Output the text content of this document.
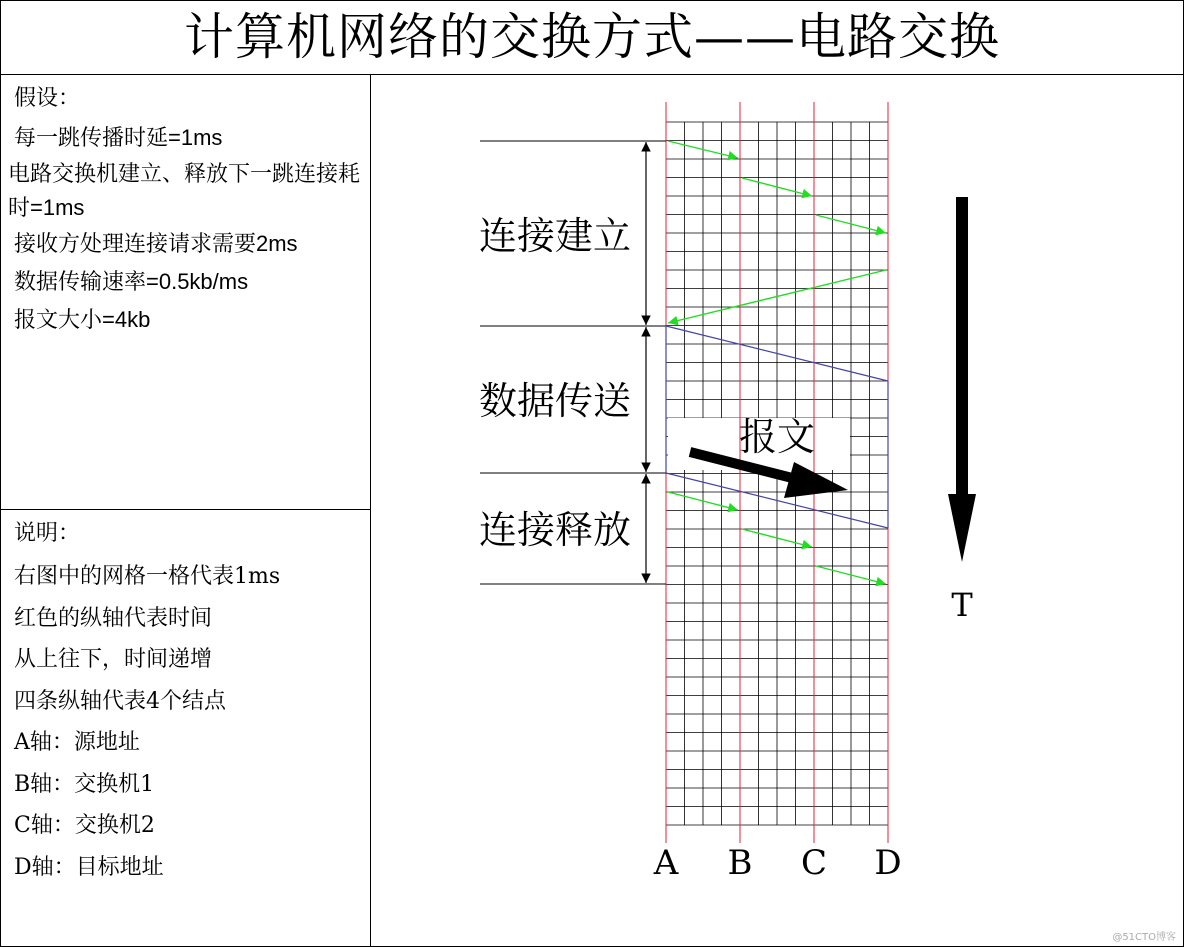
计算机网络的交换方式——电路交换
假设：
每一跳传播时延=1ms
电路交换机建立、释放下一跳连接耗时=1ms
接收方处理连接请求需要2ms
数据传输速率=0.5kb/ms
报文大小=4kb
说明：
右图中的网格一格代表1ms
红色的纵轴代表时间
从上往下，时间递增
四条纵轴代表4个结点
A轴：源地址
B轴：交换机1
C轴：交换机2
D轴：目标地址
连接建立
数据传送
连接释放
报文
T
A B C D
@51CTO博客
